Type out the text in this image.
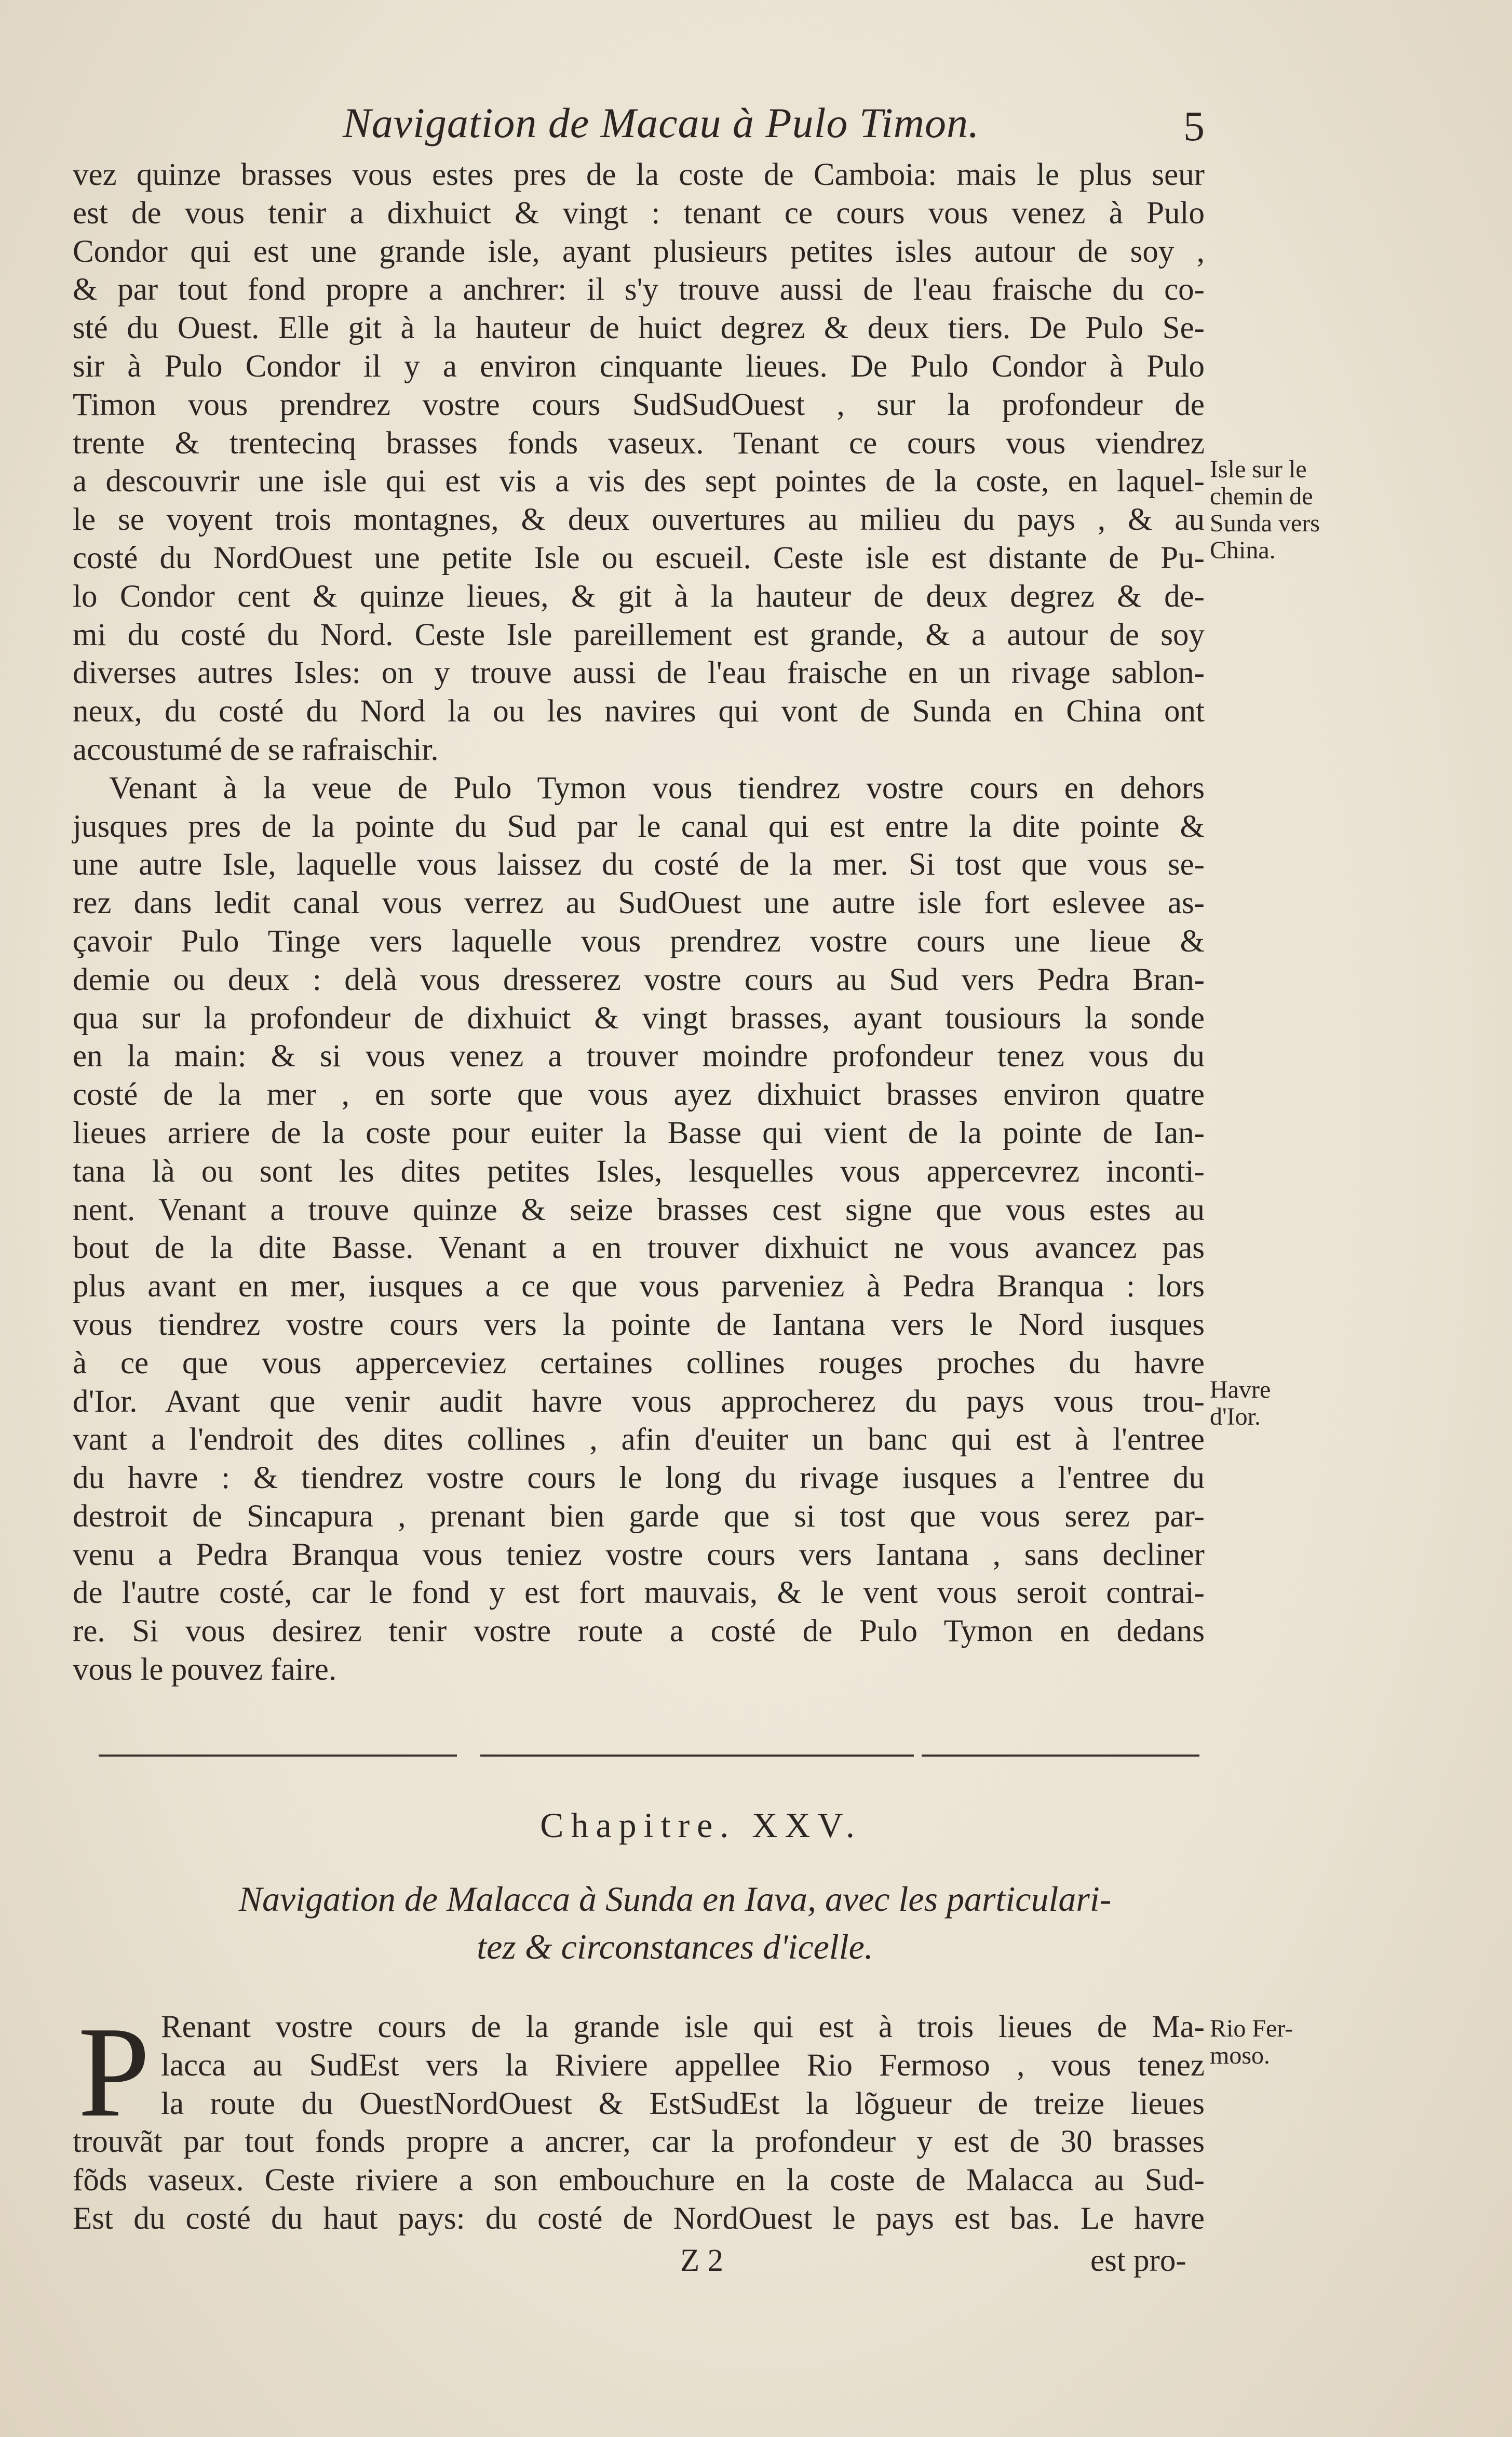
Navigation de Macau à Pulo Timon.	5
vez quinze brasses vous estes pres de la coste de Camboia: mais le plus seur
est de vous tenir a dixhuict & vingt : tenant ce cours vous venez à Pulo
Condor qui est une grande isle, ayant plusieurs petites isles autour de soy ,
& par tout fond propre a anchrer: il s'y trouve aussi de l'eau fraische du co-
sté du Ouest. Elle git à la hauteur de huict degrez & deux tiers. De Pulo Se-
sir à Pulo Condor il y a environ cinquante lieues. De Pulo Condor à Pulo
Timon vous prendrez vostre cours SudSudOuest , sur la profondeur de
trente & trentecinq brasses fonds vaseux. Tenant ce cours vous viendrez
a descouvrir une isle qui est vis a vis des sept pointes de la coste, en laquel-
le se voyent trois montagnes, & deux ouvertures au milieu du pays , & au
costé du NordOuest une petite Isle ou escueil. Ceste isle est distante de Pu-
lo Condor cent & quinze lieues, & git à la hauteur de deux degrez & de-
mi du costé du Nord. Ceste Isle pareillement est grande, & a autour de soy
diverses autres Isles: on y trouve aussi de l'eau fraische en un rivage sablon-
neux, du costé du Nord la ou les navires qui vont de Sunda en China ont
accoustumé de se rafraischir.
Venant à la veue de Pulo Tymon vous tiendrez vostre cours en dehors
jusques pres de la pointe du Sud par le canal qui est entre la dite pointe &
une autre Isle, laquelle vous laissez du costé de la mer. Si tost que vous se-
rez dans ledit canal vous verrez au SudOuest une autre isle fort eslevee as-
çavoir Pulo Tinge vers laquelle vous prendrez vostre cours une lieue &
demie ou deux : delà vous dresserez vostre cours au Sud vers Pedra Bran-
qua sur la profondeur de dixhuict & vingt brasses, ayant tousiours la sonde
en la main: & si vous venez a trouver moindre profondeur tenez vous du
costé de la mer , en sorte que vous ayez dixhuict brasses environ quatre
lieues arriere de la coste pour euiter la Basse qui vient de la pointe de Ian-
tana là ou sont les dites petites Isles, lesquelles vous appercevrez inconti-
nent. Venant a trouve quinze & seize brasses cest signe que vous estes au
bout de la dite Basse. Venant a en trouver dixhuict ne vous avancez pas
plus avant en mer, iusques a ce que vous parveniez à Pedra Branqua : lors
vous tiendrez vostre cours vers la pointe de Iantana vers le Nord iusques
à ce que vous apperceviez certaines collines rouges proches du havre
d'Ior. Avant que venir audit havre vous approcherez du pays vous trou-
vant a l'endroit des dites collines , afin d'euiter un banc qui est à l'entree
du havre : & tiendrez vostre cours le long du rivage iusques a l'entree du
destroit de Sincapura , prenant bien garde que si tost que vous serez par-
venu a Pedra Branqua vous teniez vostre cours vers Iantana , sans decliner
de l'autre costé, car le fond y est fort mauvais, & le vent vous seroit contrai-
re. Si vous desirez tenir vostre route a costé de Pulo Tymon en dedans
vous le pouvez faire.
Isle sur le
chemin de
Sunda vers
China.
Havre
d'Ior.
Rio Fer-
moso.
Chapitre. XXV.
Navigation de Malacca à Sunda en Iava, avec les particulari-
tez & circonstances d'icelle.
P Renant vostre cours de la grande isle qui est à trois lieues de Ma-
lacca au SudEst vers la Riviere appellee Rio Fermoso , vous tenez
la route du OuestNordOuest & EstSudEst la lõgueur de treize lieues
trouvãt par tout fonds propre a ancrer, car la profondeur y est de 30 brasses
fõds vaseux. Ceste riviere a son embouchure en la coste de Malacca au Sud-
Est du costé du haut pays: du costé de NordOuest le pays est bas. Le havre
Z 2	est pro-
